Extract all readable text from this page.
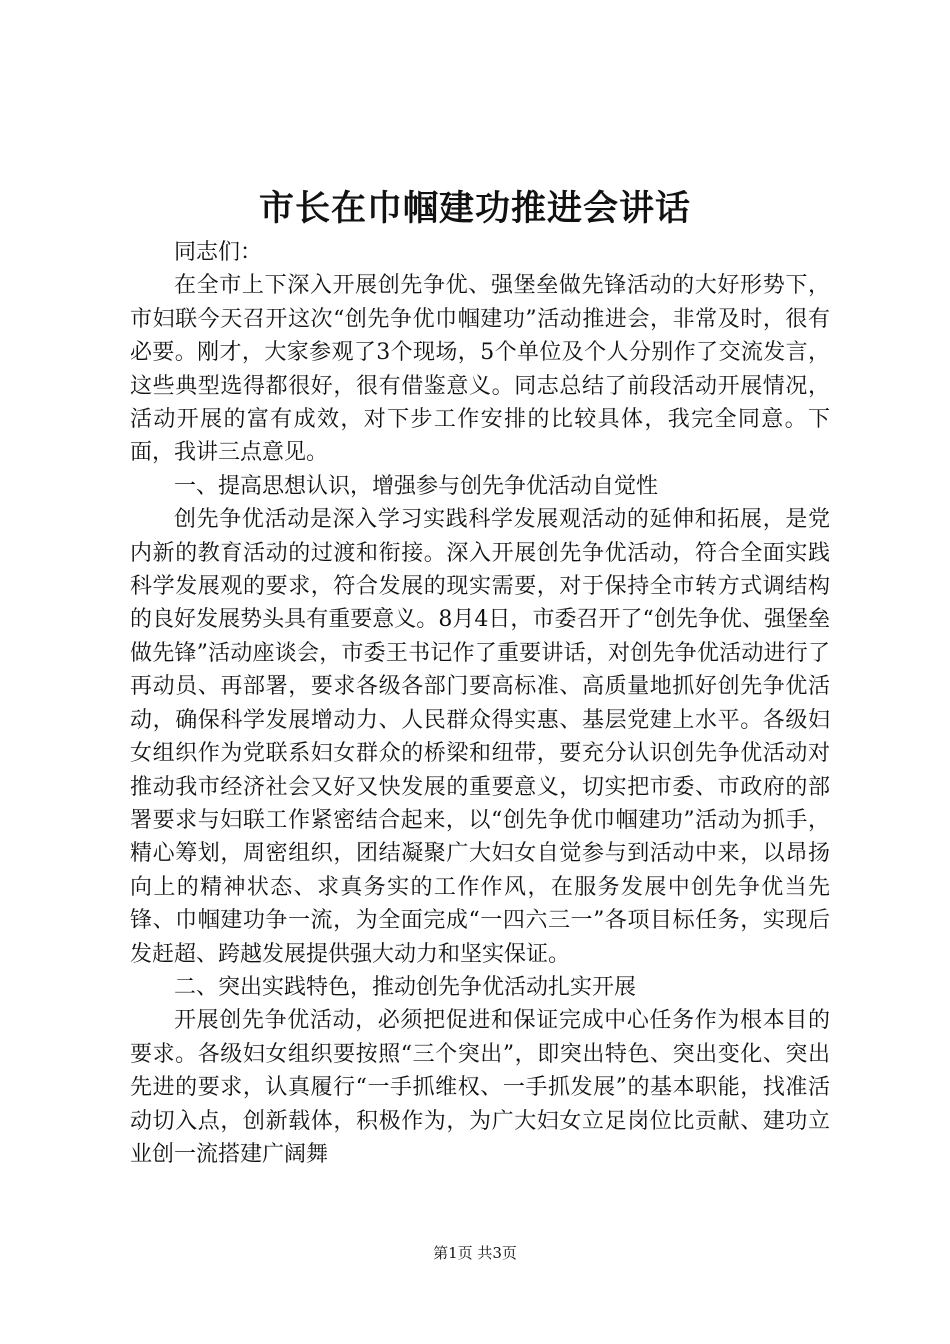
市长在巾帼建功推进会讲话

同志们：

在全市上下深入开展创先争优、强堡垒做先锋活动的大好形势下，市妇联今天召开这次“创先争优巾帼建功”活动推进会，非常及时，很有必要。刚才，大家参观了3个现场，5个单位及个人分别作了交流发言，这些典型选得都很好，很有借鉴意义。同志总结了前段活动开展情况，活动开展的富有成效，对下步工作安排的比较具体，我完全同意。下面，我讲三点意见。

一、提高思想认识，增强参与创先争优活动自觉性

创先争优活动是深入学习实践科学发展观活动的延伸和拓展，是党内新的教育活动的过渡和衔接。深入开展创先争优活动，符合全面实践科学发展观的要求，符合发展的现实需要，对于保持全市转方式调结构的良好发展势头具有重要意义。8月4日，市委召开了“创先争优、强堡垒做先锋”活动座谈会，市委王书记作了重要讲话，对创先争优活动进行了再动员、再部署，要求各级各部门要高标准、高质量地抓好创先争优活动，确保科学发展增动力、人民群众得实惠、基层党建上水平。各级妇女组织作为党联系妇女群众的桥梁和纽带，要充分认识创先争优活动对推动我市经济社会又好又快发展的重要意义，切实把市委、市政府的部署要求与妇联工作紧密结合起来，以“创先争优巾帼建功”活动为抓手，精心筹划，周密组织，团结凝聚广大妇女自觉参与到活动中来，以昂扬向上的精神状态、求真务实的工作作风，在服务发展中创先争优当先锋、巾帼建功争一流，为全面完成“一四六三一”各项目标任务，实现后发赶超、跨越发展提供强大动力和坚实保证。

二、突出实践特色，推动创先争优活动扎实开展

开展创先争优活动，必须把促进和保证完成中心任务作为根本目的要求。各级妇女组织要按照“三个突出”，即突出特色、突出变化、突出先进的要求，认真履行“一手抓维权、一手抓发展”的基本职能，找准活动切入点，创新载体，积极作为，为广大妇女立足岗位比贡献、建功立业创一流搭建广阔舞

第1页 共3页
